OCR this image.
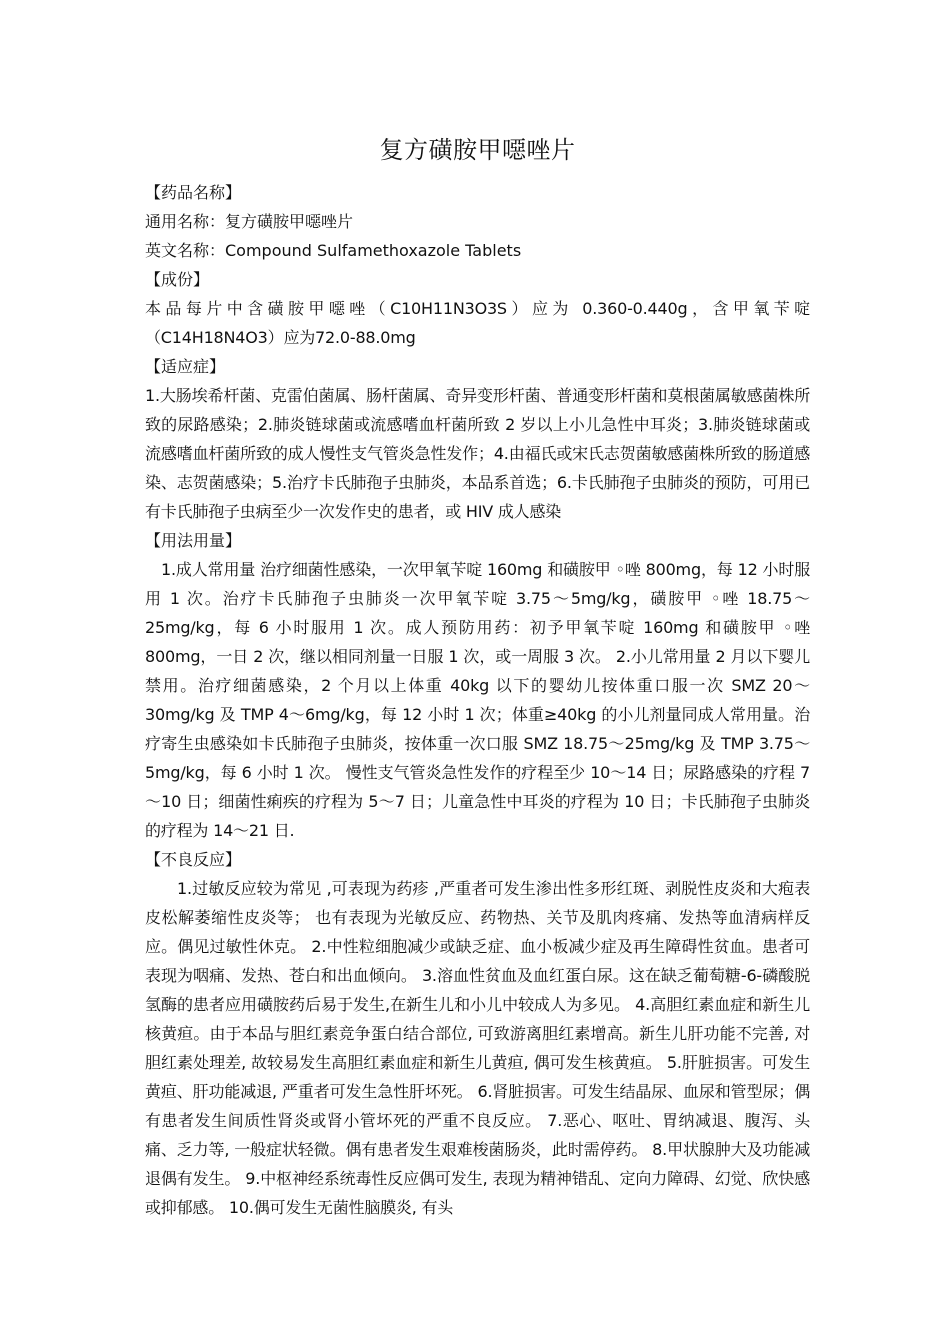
复方磺胺甲噁唑片

【药品名称】

通用名称：复方磺胺甲噁唑片

英文名称：Compound Sulfamethoxazole Tablets

【成份】

本品每片中含磺胺甲噁唑（C10H11N3O3S）应为 0.360-0.440g，含甲氧苄啶（C14H18N4O3）应为72.0-88.0mg

【适应症】

1.大肠埃希杆菌、克雷伯菌属、肠杆菌属、奇异变形杆菌、普通变形杆菌和莫根菌属敏感菌株所致的尿路感染；2.肺炎链球菌或流感嗜血杆菌所致 2 岁以上小儿急性中耳炎；3.肺炎链球菌或流感嗜血杆菌所致的成人慢性支气管炎急性发作；4.由福氏或宋氏志贺菌敏感菌株所致的肠道感染、志贺菌感染；5.治疗卡氏肺孢子虫肺炎，本品系首选；6.卡氏肺孢子虫肺炎的预防，可用已有卡氏肺孢子虫病至少一次发作史的患者，或 HIV 成人感染

【用法用量】

1.成人常用量 治疗细菌性感染，一次甲氧苄啶 160mg 和磺胺甲 ◦唑 800mg，每 12 小时服用 1 次。治疗卡氏肺孢子虫肺炎一次甲氧苄啶 3.75～5mg/kg，磺胺甲 ◦唑 18.75～25mg/kg，每 6 小时服用 1 次。成人预防用药：初予甲氧苄啶 160mg 和磺胺甲 ◦唑 800mg，一日 2 次，继以相同剂量一日服 1 次，或一周服 3 次。 2.小儿常用量 2 月以下婴儿禁用。治疗细菌感染，2 个月以上体重 40kg 以下的婴幼儿按体重口服一次 SMZ 20～30mg/kg 及 TMP 4～6mg/kg，每 12 小时 1 次；体重≥40kg 的小儿剂量同成人常用量。治疗寄生虫感染如卡氏肺孢子虫肺炎，按体重一次口服 SMZ 18.75～25mg/kg 及 TMP 3.75～5mg/kg，每 6 小时 1 次。 慢性支气管炎急性发作的疗程至少 10～14 日；尿路感染的疗程 7～10 日；细菌性痢疾的疗程为 5～7 日；儿童急性中耳炎的疗程为 10 日；卡氏肺孢子虫肺炎的疗程为 14～21 日.

【不良反应】

1.过敏反应较为常见 ,可表现为药疹 ,严重者可发生渗出性多形红斑、剥脱性皮炎和大疱表皮松解萎缩性皮炎等； 也有表现为光敏反应、药物热、关节及肌肉疼痛、发热等血清病样反应。偶见过敏性休克。 2.中性粒细胞减少或缺乏症、血小板减少症及再生障碍性贫血。患者可表现为咽痛、发热、苍白和出血倾向。 3.溶血性贫血及血红蛋白尿。这在缺乏葡萄糖-6-磷酸脱氢酶的患者应用磺胺药后易于发生,在新生儿和小儿中较成人为多见。 4.高胆红素血症和新生儿核黄疸。由于本品与胆红素竞争蛋白结合部位, 可致游离胆红素增高。新生儿肝功能不完善, 对胆红素处理差, 故较易发生高胆红素血症和新生儿黄疸, 偶可发生核黄疸。 5.肝脏损害。可发生黄疸、肝功能减退, 严重者可发生急性肝坏死。 6.肾脏损害。可发生结晶尿、血尿和管型尿；偶有患者发生间质性肾炎或肾小管坏死的严重不良反应。 7.恶心、呕吐、胃纳减退、腹泻、头痛、乏力等, 一般症状轻微。偶有患者发生艰难梭菌肠炎，此时需停药。 8.甲状腺肿大及功能减退偶有发生。 9.中枢神经系统毒性反应偶可发生, 表现为精神错乱、定向力障碍、幻觉、欣快感或抑郁感。 10.偶可发生无菌性脑膜炎, 有头
